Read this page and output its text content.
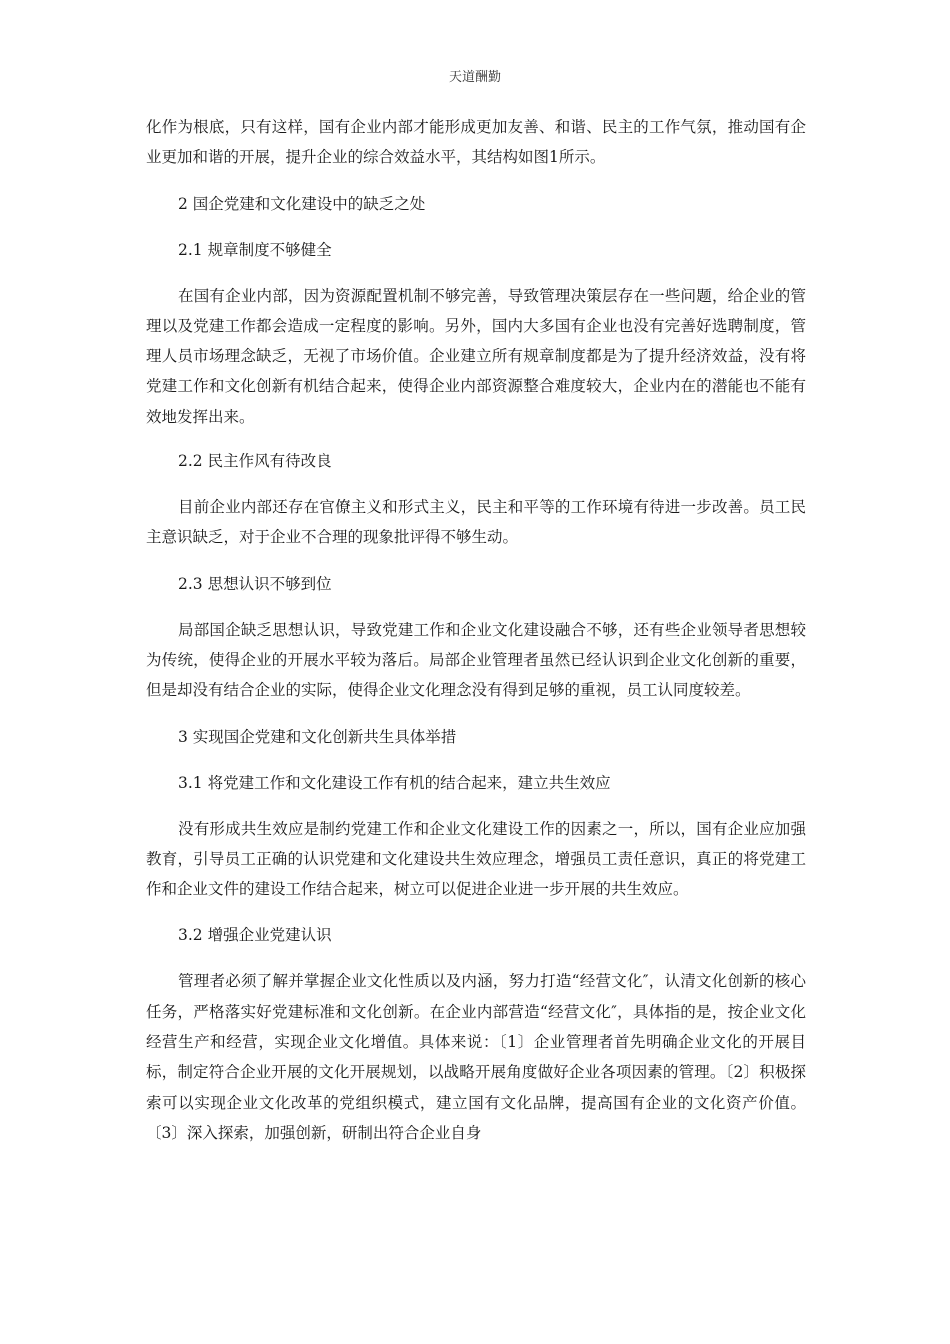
天道酬勤

化作为根底，只有这样，国有企业内部才能形成更加友善、和谐、民主的工作气氛，推动国有企业更加和谐的开展，提升企业的综合效益水平，其结构如图1所示。

2 国企党建和文化建设中的缺乏之处

2.1 规章制度不够健全

在国有企业内部，因为资源配置机制不够完善，导致管理决策层存在一些问题，给企业的管理以及党建工作都会造成一定程度的影响。另外，国内大多国有企业也没有完善好选聘制度，管理人员市场理念缺乏，无视了市场价值。企业建立所有规章制度都是为了提升经济效益，没有将党建工作和文化创新有机结合起来，使得企业内部资源整合难度较大，企业内在的潜能也不能有效地发挥出来。

2.2 民主作风有待改良

目前企业内部还存在官僚主义和形式主义，民主和平等的工作环境有待进一步改善。员工民主意识缺乏，对于企业不合理的现象批评得不够生动。

2.3 思想认识不够到位

局部国企缺乏思想认识，导致党建工作和企业文化建设融合不够，还有些企业领导者思想较为传统，使得企业的开展水平较为落后。局部企业管理者虽然已经认识到企业文化创新的重要，但是却没有结合企业的实际，使得企业文化理念没有得到足够的重视，员工认同度较差。

3 实现国企党建和文化创新共生具体举措

3.1 将党建工作和文化建设工作有机的结合起来，建立共生效应

没有形成共生效应是制约党建工作和企业文化建设工作的因素之一，所以，国有企业应加强教育，引导员工正确的认识党建和文化建设共生效应理念，增强员工责任意识，真正的将党建工作和企业文件的建设工作结合起来，树立可以促进企业进一步开展的共生效应。

3.2 增强企业党建认识

管理者必须了解并掌握企业文化性质以及内涵，努力打造“经营文化″，认清文化创新的核心任务，严格落实好党建标准和文化创新。在企业内部营造“经营文化″，具体指的是，按企业文化经营生产和经营，实现企业文化增值。具体来说：〔1〕企业管理者首先明确企业文化的开展目标，制定符合企业开展的文化开展规划，以战略开展角度做好企业各项因素的管理。〔2〕积极探索可以实现企业文化改革的党组织模式，建立国有文化品牌，提高国有企业的文化资产价值。〔3〕深入探索，加强创新，研制出符合企业自身
